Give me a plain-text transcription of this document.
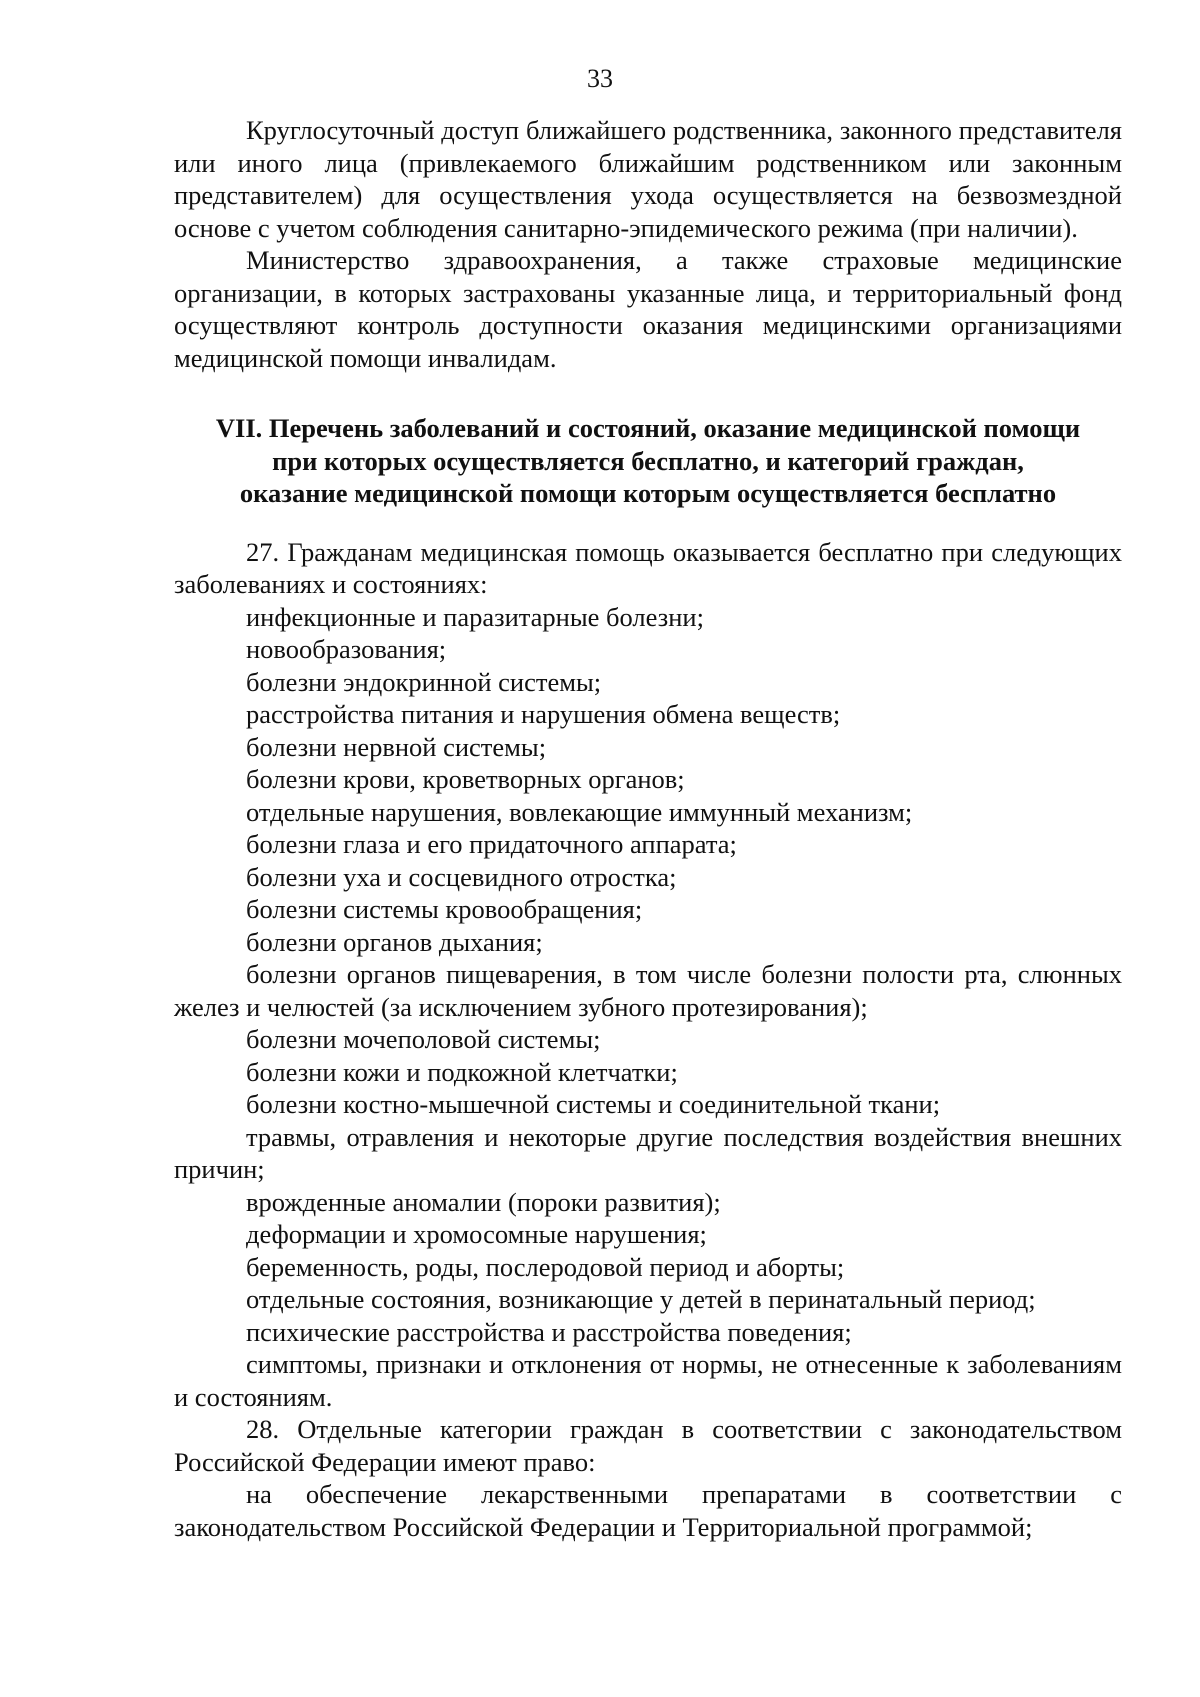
33

Круглосуточный доступ ближайшего родственника, законного представителя или иного лица (привлекаемого ближайшим родственником или законным представителем) для осуществления ухода осуществляется на безвозмездной основе с учетом соблюдения санитарно-эпидемического режима (при наличии).

Министерство здравоохранения, а также страховые медицинские организации, в которых застрахованы указанные лица, и территориальный фонд осуществляют контроль доступности оказания медицинскими организациями медицинской помощи инвалидам.

VII. Перечень заболеваний и состояний, оказание медицинской помощи
при которых осуществляется бесплатно, и категорий граждан,
оказание медицинской помощи которым осуществляется бесплатно

27. Гражданам медицинская помощь оказывается бесплатно при следующих заболеваниях и состояниях:

инфекционные и паразитарные болезни;

новообразования;

болезни эндокринной системы;

расстройства питания и нарушения обмена веществ;

болезни нервной системы;

болезни крови, кроветворных органов;

отдельные нарушения, вовлекающие иммунный механизм;

болезни глаза и его придаточного аппарата;

болезни уха и сосцевидного отростка;

болезни системы кровообращения;

болезни органов дыхания;

болезни органов пищеварения, в том числе болезни полости рта, слюнных желез и челюстей (за исключением зубного протезирования);

болезни мочеполовой системы;

болезни кожи и подкожной клетчатки;

болезни костно-мышечной системы и соединительной ткани;

травмы, отравления и некоторые другие последствия воздействия внешних причин;

врожденные аномалии (пороки развития);

деформации и хромосомные нарушения;

беременность, роды, послеродовой период и аборты;

отдельные состояния, возникающие у детей в перинатальный период;

психические расстройства и расстройства поведения;

симптомы, признаки и отклонения от нормы, не отнесенные к заболеваниям и состояниям.

28. Отдельные категории граждан в соответствии с законодательством Российской Федерации имеют право:

на обеспечение лекарственными препаратами в соответствии с законодательством Российской Федерации и Территориальной программой;
